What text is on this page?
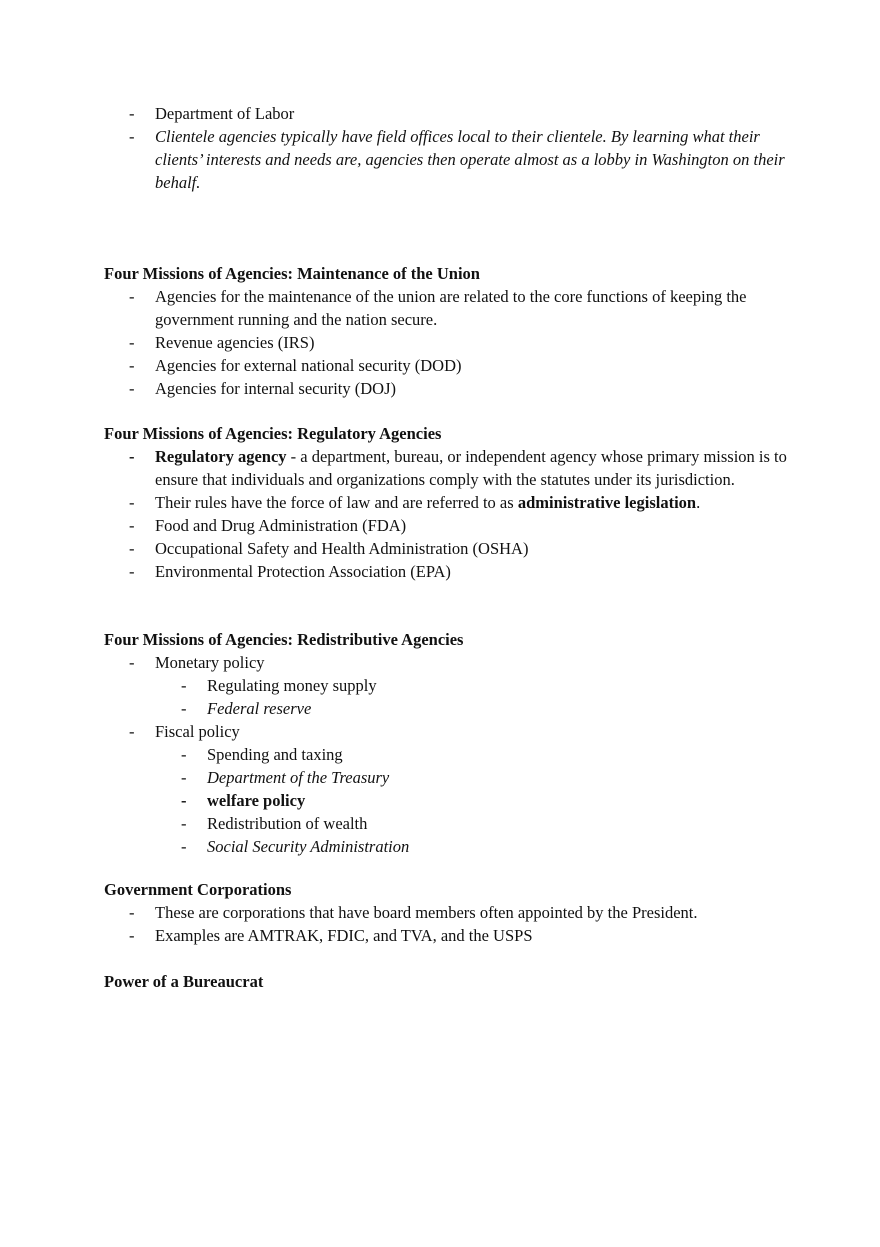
- Department of Labor
- Clientele agencies typically have field offices local to their clientele. By learning what their clients’ interests and needs are, agencies then operate almost as a lobby in Washington on their behalf.

Four Missions of Agencies: Maintenance of the Union

- Agencies for the maintenance of the union are related to the core functions of keeping the government running and the nation secure.
- Revenue agencies (IRS)
- Agencies for external national security (DOD)
- Agencies for internal security (DOJ)

Four Missions of Agencies: Regulatory Agencies

- Regulatory agency - a department, bureau, or independent agency whose primary mission is to ensure that individuals and organizations comply with the statutes under its jurisdiction.
- Their rules have the force of law and are referred to as administrative legislation.
- Food and Drug Administration (FDA)
- Occupational Safety and Health Administration (OSHA)
- Environmental Protection Association (EPA)

Four Missions of Agencies: Redistributive Agencies

- Monetary policy
- Regulating money supply
- Federal reserve
- Fiscal policy
- Spending and taxing
- Department of the Treasury
- welfare policy
- Redistribution of wealth
- Social Security Administration

Government Corporations

- These are corporations that have board members often appointed by the President.
- Examples are AMTRAK, FDIC, and TVA, and the USPS

Power of a Bureaucrat
